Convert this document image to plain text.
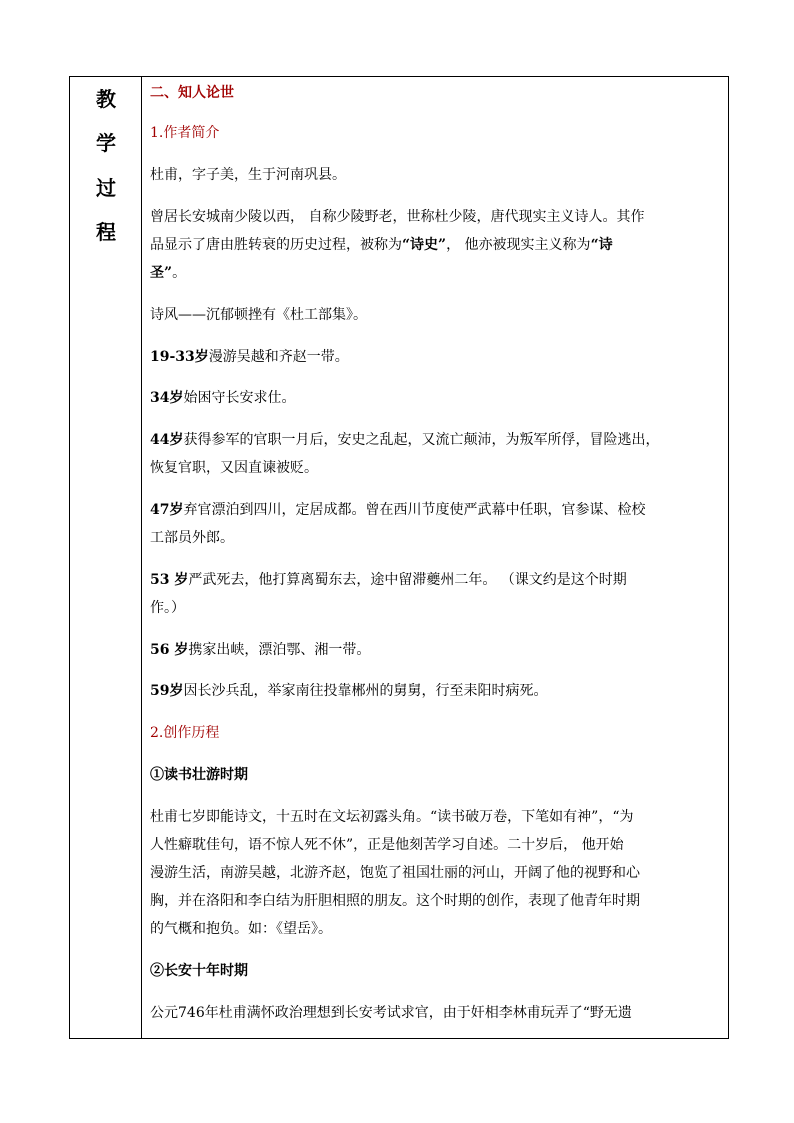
教
学
过
程
二、知人论世
1.作者简介
杜甫，字子美，生于河南巩县。
曾居长安城南少陵以西， 自称少陵野老，世称杜少陵，唐代现实主义诗人。其作
品显示了唐由胜转衰的历史过程，被称为“诗史”， 他亦被现实主义称为“诗
圣”。
诗风——沉郁顿挫有《杜工部集》。
19-33岁漫游吴越和齐赵一带。
34岁始困守长安求仕。
44岁获得参军的官职一月后，安史之乱起，又流亡颠沛，为叛军所俘，冒险逃出，
恢复官职，又因直谏被贬。
47岁弃官漂泊到四川，定居成都。曾在西川节度使严武幕中任职，官参谋、检校
工部员外郎。
53 岁严武死去，他打算离蜀东去，途中留滞夔州二年。 （课文约是这个时期
作。）
56 岁携家出峡，漂泊鄂、湘一带。
59岁因长沙兵乱，举家南往投靠郴州的舅舅，行至耒阳时病死。
2.创作历程
①读书壮游时期
杜甫七岁即能诗文，十五时在文坛初露头角。“读书破万卷，下笔如有神”，“为
人性癖耽佳句，语不惊人死不休”，正是他刻苦学习自述。二十岁后， 他开始
漫游生活，南游吴越，北游齐赵，饱览了祖国壮丽的河山，开阔了他的视野和心
胸，并在洛阳和李白结为肝胆相照的朋友。这个时期的创作，表现了他青年时期
的气概和抱负。如：《望岳》。
②长安十年时期
公元746年杜甫满怀政治理想到长安考试求官，由于奸相李林甫玩弄了“野无遗
